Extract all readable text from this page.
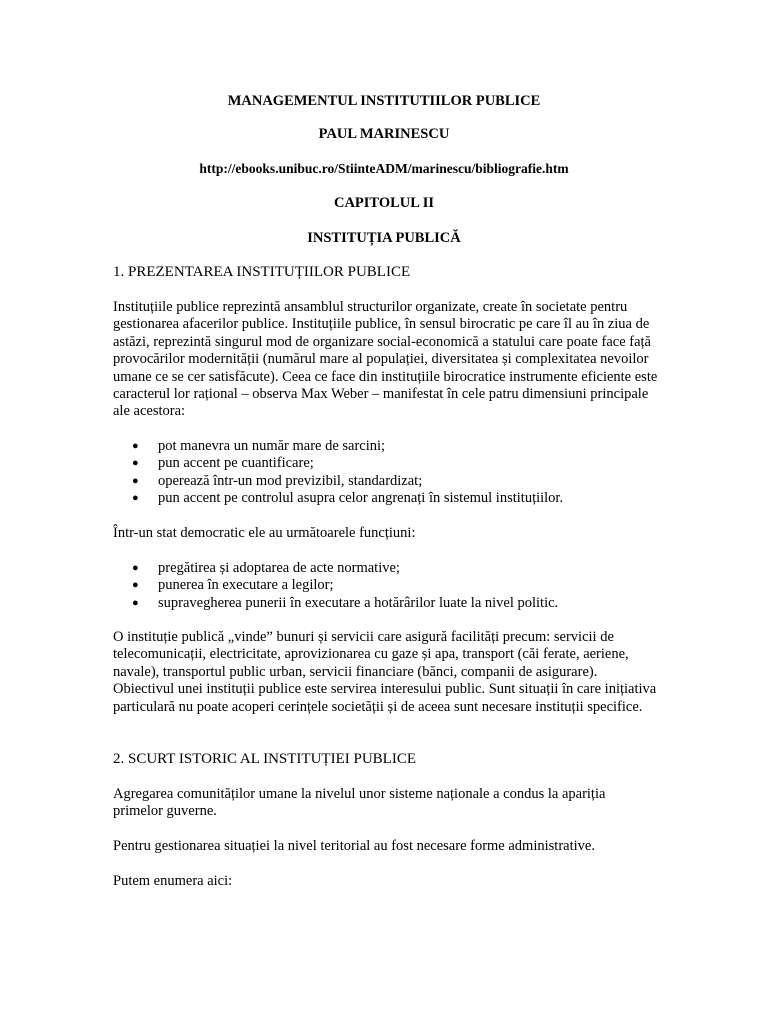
MANAGEMENTUL INSTITUTIILOR PUBLICE
PAUL MARINESCU
http://ebooks.unibuc.ro/StiinteADM/marinescu/bibliografie.htm
CAPITOLUL II
INSTITUȚIA PUBLICĂ
1. PREZENTAREA INSTITUȚIILOR PUBLICE

Instituțiile publice reprezintă ansamblul structurilor organizate, create în societate pentru gestionarea afacerilor publice. Instituțiile publice, în sensul birocratic pe care îl au în ziua de astăzi, reprezintă singurul mod de organizare social-economică a statului care poate face față provocărilor modernității (numărul mare al populației, diversitatea și complexitatea nevoilor umane ce se cer satisfăcute). Ceea ce face din instituțiile birocratice instrumente eficiente este caracterul lor rațional – observa Max Weber – manifestat în cele patru dimensiuni principale ale acestora:

● pot manevra un număr mare de sarcini;
● pun accent pe cuantificare;
● operează într-un mod previzibil, standardizat;
● pun accent pe controlul asupra celor angrenați în sistemul instituțiilor.

Într-un stat democratic ele au următoarele funcțiuni:

● pregătirea și adoptarea de acte normative;
● punerea în executare a legilor;
● supravegherea punerii în executare a hotărârilor luate la nivel politic.

O instituție publică „vinde” bunuri și servicii care asigură facilități precum: servicii de telecomunicații, electricitate, aprovizionarea cu gaze și apa, transport (căi ferate, aeriene, navale), transportul public urban, servicii financiare (bănci, companii de asigurare). Obiectivul unei instituții publice este servirea interesului public. Sunt situații în care inițiativa particulară nu poate acoperi cerințele societății și de aceea sunt necesare instituții specifice.

2. SCURT ISTORIC AL INSTITUȚIEI PUBLICE

Agregarea comunităților umane la nivelul unor sisteme naționale a condus la apariția primelor guverne.

Pentru gestionarea situației la nivel teritorial au fost necesare forme administrative.

Putem enumera aici:
